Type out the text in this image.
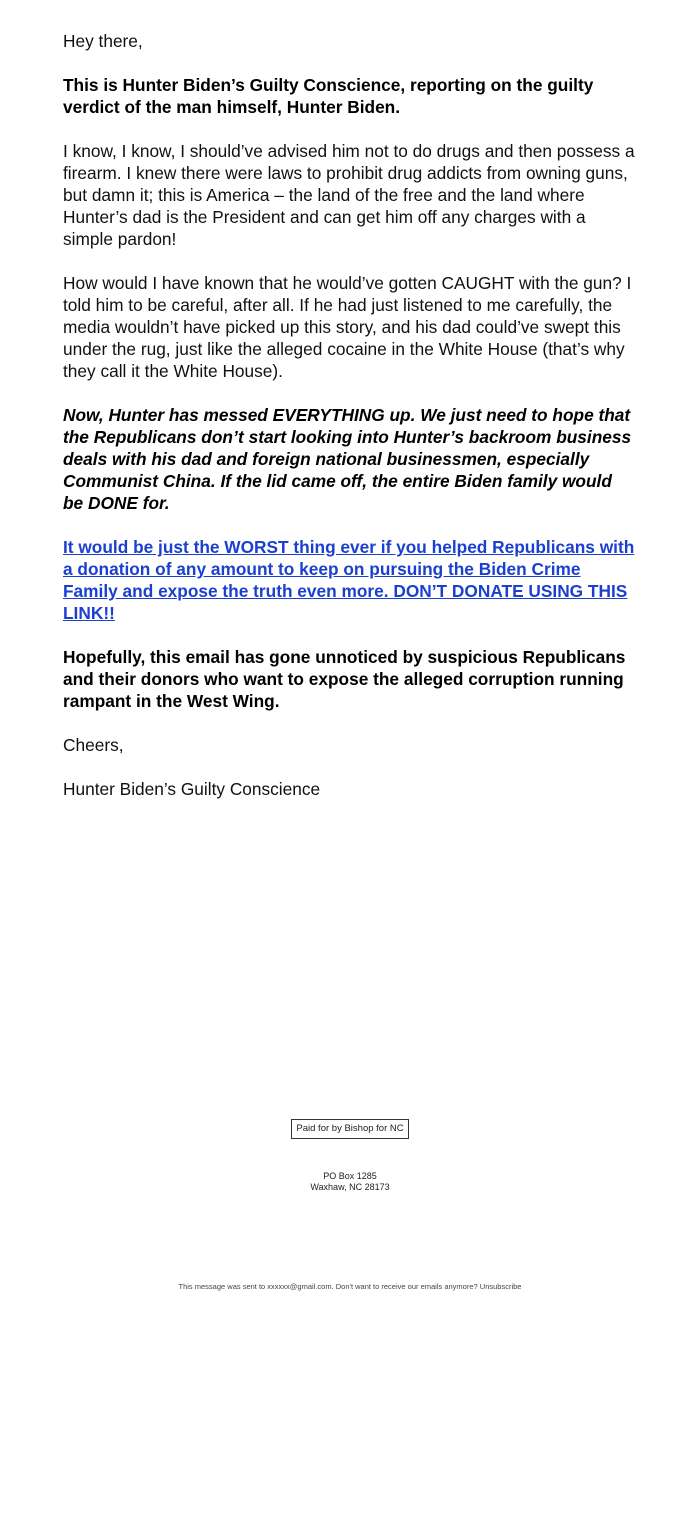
Hey there,

This is Hunter Biden’s Guilty Conscience, reporting on the guilty verdict of the man himself, Hunter Biden.

I know, I know, I should’ve advised him not to do drugs and then possess a firearm. I knew there were laws to prohibit drug addicts from owning guns, but damn it; this is America – the land of the free and the land where Hunter’s dad is the President and can get him off any charges with a simple pardon!

How would I have known that he would’ve gotten CAUGHT with the gun? I told him to be careful, after all. If he had just listened to me carefully, the media wouldn’t have picked up this story, and his dad could’ve swept this under the rug, just like the alleged cocaine in the White House (that’s why they call it the White House).

Now, Hunter has messed EVERYTHING up. We just need to hope that the Republicans don’t start looking into Hunter’s backroom business deals with his dad and foreign national businessmen, especially Communist China. If the lid came off, the entire Biden family would be DONE for.

It would be just the WORST thing ever if you helped Republicans with a donation of any amount to keep on pursuing the Biden Crime Family and expose the truth even more. DON’T DONATE USING THIS LINK!!

Hopefully, this email has gone unnoticed by suspicious Republicans and their donors who want to expose the alleged corruption running rampant in the West Wing.

Cheers,

Hunter Biden’s Guilty Conscience

Paid for by Bishop for NC
PO Box 1285
Waxhaw, NC 28173
This message was sent to xxxxxx@gmail.com. Don't want to receive our emails anymore? Unsubscribe
